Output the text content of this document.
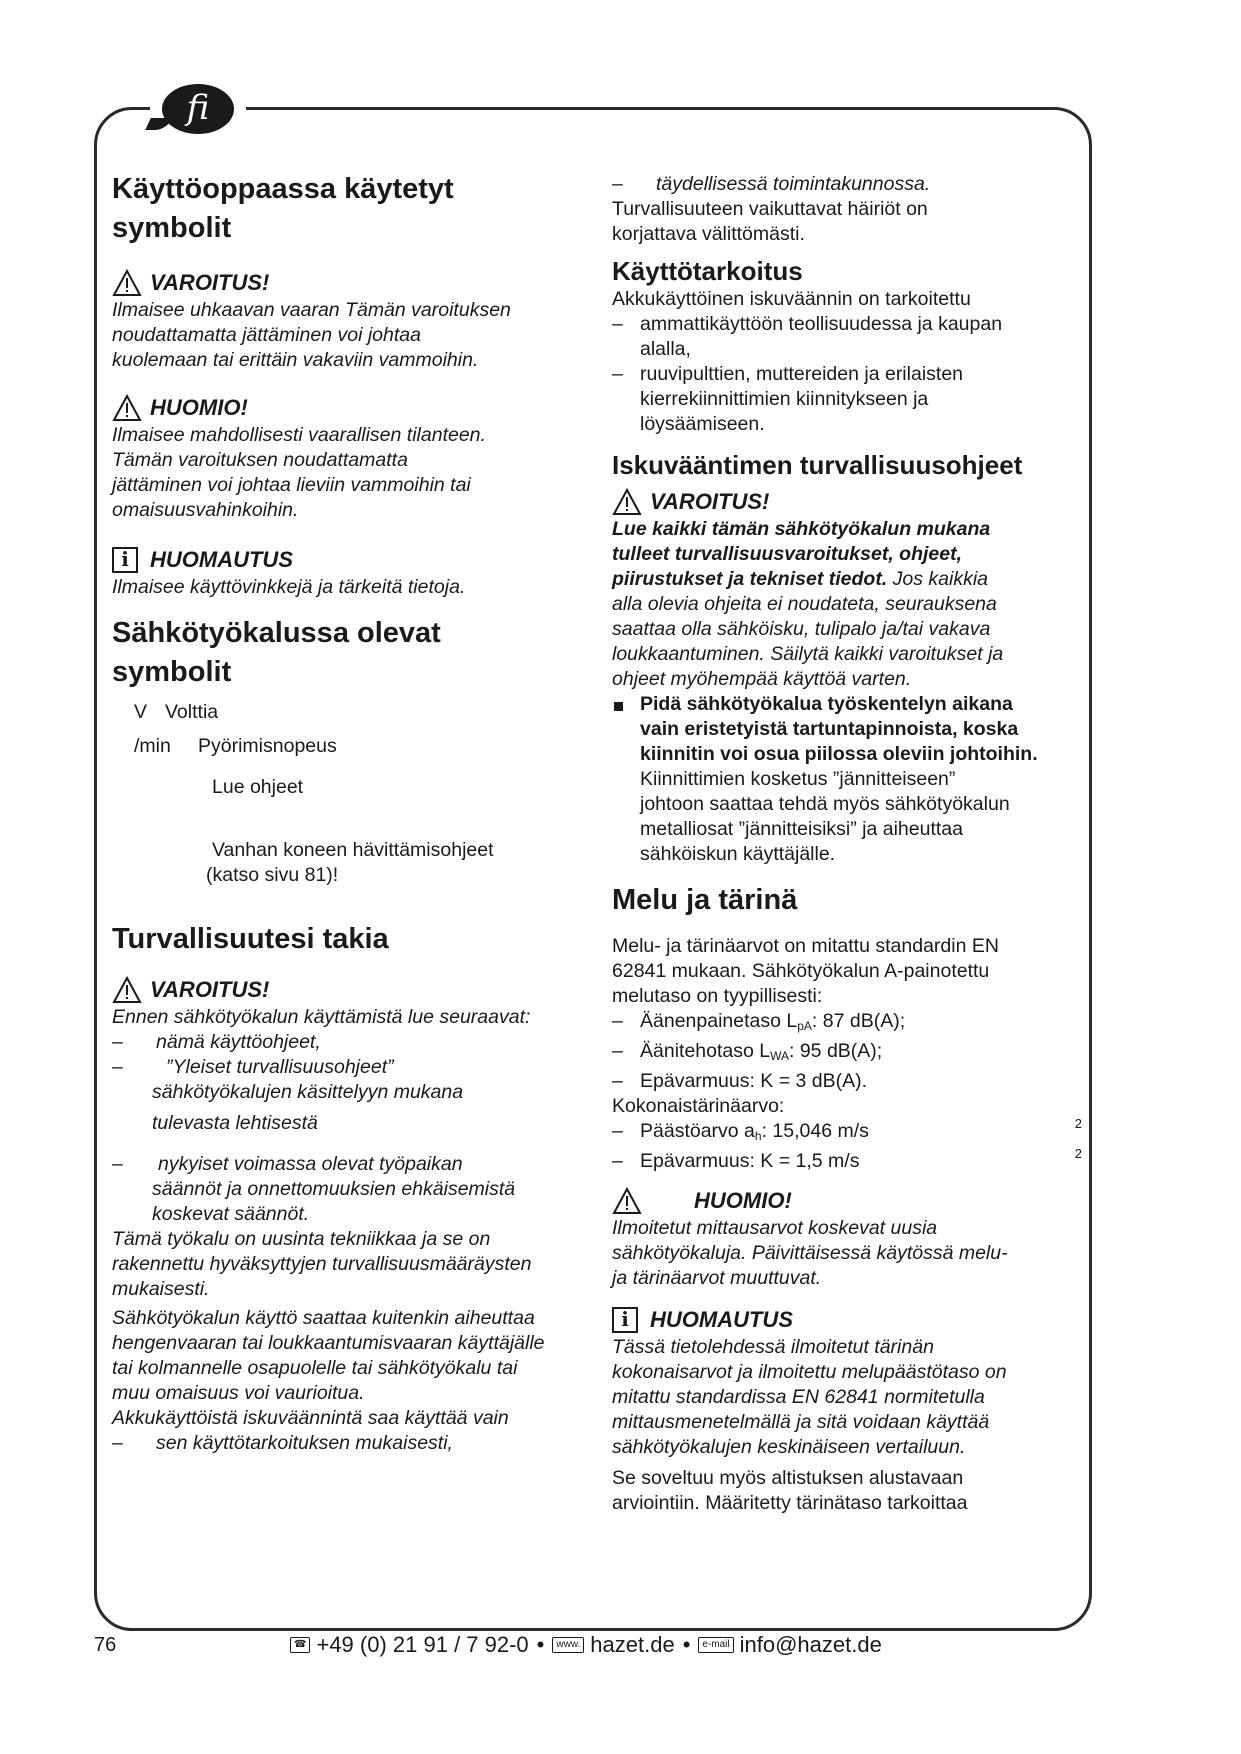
fi
Käyttöoppaassa käytetyt
symbolit
VAROITUS!
Ilmaisee uhkaavan vaaran Tämän varoituksen
noudattamatta jättäminen voi johtaa
kuolemaan tai erittäin vakaviin vammoihin.
HUOMIO!
Ilmaisee mahdollisesti vaarallisen tilanteen.
Tämän varoituksen noudattamatta
jättäminen voi johtaa lieviin vammoihin tai
omaisuusvahinkoihin.
i
HUOMAUTUS
Ilmaisee käyttövinkkejä ja tärkeitä tietoja.
Sähkötyökalussa olevat
symbolit
V Volttia
/min	Pyörimisnopeus
Lue ohjeet
Vanhan koneen hävittämisohjeet
(katso sivu 81)!
Turvallisuutesi takia
VAROITUS!
Ennen sähkötyökalun käyttämistä lue seuraavat:
– nämä käyttöohjeet,
– ”Yleiset turvallisuusohjeet”
sähkötyökalujen käsittelyyn mukana
tulevasta lehtisestä
– nykyiset voimassa olevat työpaikan
säännöt ja onnettomuuksien ehkäisemistä
koskevat säännöt.
Tämä työkalu on uusinta tekniikkaa ja se on
rakennettu hyväksyttyjen turvallisuusmääräysten
mukaisesti.
Sähkötyökalun käyttö saattaa kuitenkin aiheuttaa
hengenvaaran tai loukkaantumisvaaran käyttäjälle
tai kolmannelle osapuolelle tai sähkötyökalu tai
muu omaisuus voi vaurioitua.
Akkukäyttöistä iskuväännintä saa käyttää vain
– sen käyttötarkoituksen mukaisesti,
– täydellisessä toimintakunnossa.
Turvallisuuteen vaikuttavat häiriöt on
korjattava välittömästi.
Käyttötarkoitus
Akkukäyttöinen iskuväännin on tarkoitettu
– ammattikäyttöön teollisuudessa ja kaupan
alalla,
– ruuvipulttien, muttereiden ja erilaisten
kierrekiinnittimien kiinnitykseen ja
löysäämiseen.
Iskuvääntimen turvallisuusohjeet
VAROITUS!
Lue kaikki tämän sähkötyökalun mukana
tulleet turvallisuusvaroitukset, ohjeet,
piirustukset ja tekniset tiedot. Jos kaikkia
alla olevia ohjeita ei noudateta, seurauksena
saattaa olla sähköisku, tulipalo ja/tai vakava
loukkaantuminen. Säilytä kaikki varoitukset ja
ohjeet myöhempää käyttöä varten.
Pidä sähkötyökalua työskentelyn aikana
vain eristetyistä tartuntapinnoista, koska
kiinnitin voi osua piilossa oleviin johtoihin.
Kiinnittimien kosketus ”jännitteiseen”
johtoon saattaa tehdä myös sähkötyökalun
metalliosat ”jännitteisiksi” ja aiheuttaa
sähköiskun käyttäjälle.
Melu ja tärinä
Melu- ja tärinäarvot on mitattu standardin EN
62841 mukaan. Sähkötyökalun A-painotettu
melutaso on tyypillisesti:
– Äänenpainetaso $L_{pA}$: 87 dB(A);
– Äänitehotaso $L_{WA}$: 95 dB(A);
– Epävarmuus: K = 3 dB(A).
Kokonaistärinäarvo:
– Päästöarvo $a_h$: 15,046 m/s	2
– Epävarmuus: K = 1,5 m/s	2
HUOMIO!
Ilmoitetut mittausarvot koskevat uusia
sähkötyökaluja. Päivittäisessä käytössä melu-
ja tärinäarvot muuttuvat.
i
HUOMAUTUS
Tässä tietolehdessä ilmoitetut tärinän
kokonaisarvot ja ilmoitettu melupäästötaso on
mitattu standardissa EN 62841 normitetulla
mittausmenetelmällä ja sitä voidaan käyttää
sähkötyökalujen keskinäiseen vertailuun.
Se soveltuu myös altistuksen alustavaan
arviointiin. Määritetty tärinätaso tarkoittaa
76	☎ +49 (0) 21 91 / 7 92-0 •	www. hazet.de •	e-mail info@hazet.de
